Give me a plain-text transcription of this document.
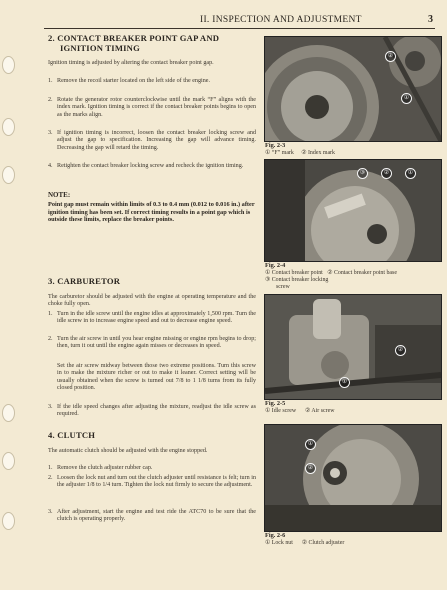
II. INSPECTION AND ADJUSTMENT	3
2. CONTACT BREAKER POINT GAP AND
IGNITION TIMING
Ignition timing is adjusted by altering the contact breaker point gap.
1. Remove the recoil starter located on the left side of the engine.
2. Rotate the generator rotor counterclockwise until the mark “F” aligns with the index mark. Ignition timing is correct if the contact breaker points begins to open as the marks align.
3. If ignition timing is incorrect, loosen the contact breaker locking screw and adjust the gap to specification. Increasing the gap will advance timing. Decreasing the gap will retard the timing.
4. Retighten the contact breaker locking screw and recheck the ignition timing.
NOTE:
Point gap must remain within limits of 0.3 to 0.4 mm (0.012 to 0.016 in.) after ignition timing has been set. If correct timing results in a point gap which is outside these limits, replace the breaker points.
3. CARBURETOR
The carburetor should be adjusted with the engine at operating temperature and the choke fully open.
1. Turn in the idle screw until the engine idles at approximately 1,500 rpm. Turn the idle screw in to increase engine speed and out to decrease engine speed.
2. Turn the air screw in until you hear engine missing or engine rpm begins to drop; then, turn it out until the engine again misses or decreases in speed.
Set the air screw midway between those two extreme positions. Turn this screw in to make the mixture richer or out to make it leaner. Correct setting will be usually obtained when the screw is turned out 7/8 to 1 1/8 turns from its fully closed position.
3. If the idle speed changes after adjusting the mixture, readjust the idle screw as required.
4. CLUTCH
The automatic clutch should be adjusted with the engine stopped.
1. Remove the clutch adjuster rubber cap.
2. Loosen the lock nut and turn out the clutch adjuster until resistance is felt; turn in the adjuster 1/8 to 1/4 turn. Tighten the lock nut firmly to secure the adjustment.
3. After adjustment, start the engine and test ride the ATC70 to be sure that the clutch is operating properly.
②
①
Fig. 2-3
① “F” mark ② Index mark
③	②	①
Fig. 2-4
① Contact breaker point ② Contact breaker point base
③ Contact breaker locking
screw
②
①
Fig. 2-5
① Idle screw ② Air screw
①
②
Fig. 2-6
① Lock nut ② Clutch adjuster
